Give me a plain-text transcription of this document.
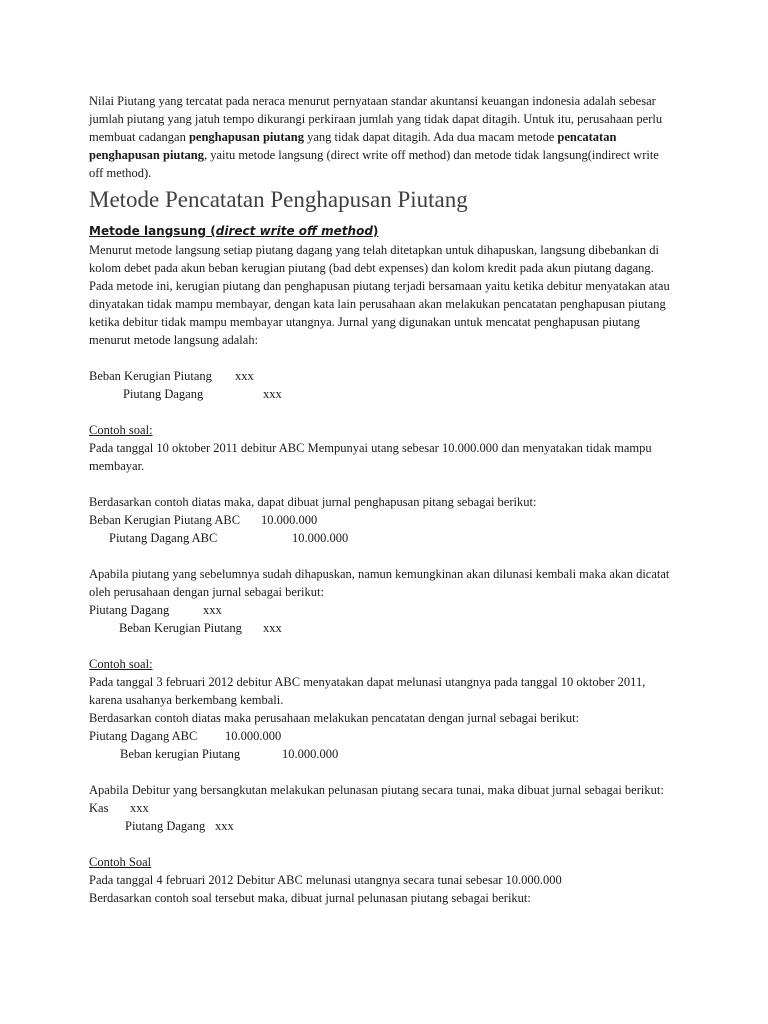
Nilai Piutang yang tercatat pada neraca menurut pernyataan standar akuntansi keuangan indonesia adalah sebesar

jumlah piutang yang jatuh tempo dikurangi perkiraan jumlah yang tidak dapat ditagih. Untuk itu, perusahaan perlu

membuat cadangan penghapusan piutang yang tidak dapat ditagih. Ada dua macam metode pencatatan

penghapusan piutang, yaitu metode langsung (direct write off method) dan metode tidak langsung(indirect write

off method).

Metode Pencatatan Penghapusan Piutang
Metode langsung (direct write off method)

Menurut metode langsung setiap piutang dagang yang telah ditetapkan untuk dihapuskan, langsung dibebankan di

kolom debet pada akun beban kerugian piutang (bad debt expenses) dan kolom kredit pada akun piutang dagang.

Pada metode ini, kerugian piutang dan penghapusan piutang terjadi bersamaan yaitu ketika debitur menyatakan atau

dinyatakan tidak mampu membayar, dengan kata lain perusahaan akan melakukan pencatatan penghapusan piutang

ketika debitur tidak mampu membayar utangnya. Jurnal yang digunakan untuk mencatat penghapusan piutang

menurut metode langsung adalah:

Beban Kerugian Piutang xxx
Piutang Dagang	xxx

Contoh soal:

Pada tanggal 10 oktober 2011 debitur ABC Mempunyai utang sebesar 10.000.000 dan menyatakan tidak mampu

membayar.

Berdasarkan contoh diatas maka, dapat dibuat jurnal penghapusan pitang sebagai berikut:

Beban Kerugian Piutang ABC 10.000.000
Piutang Dagang ABC	10.000.000

Apabila piutang yang sebelumnya sudah dihapuskan, namun kemungkinan akan dilunasi kembali maka akan dicatat

oleh perusahaan dengan jurnal sebagai berikut:

Piutang Dagang	xxx
Beban Kerugian Piutang xxx

Contoh soal:

Pada tanggal 3 februari 2012 debitur ABC menyatakan dapat melunasi utangnya pada tanggal 10 oktober 2011,

karena usahanya berkembang kembali.

Berdasarkan contoh diatas maka perusahaan melakukan pencatatan dengan jurnal sebagai berikut:

Piutang Dagang ABC 10.000.000
Beban kerugian Piutang	10.000.000

Apabila Debitur yang bersangkutan melakukan pelunasan piutang secara tunai, maka dibuat jurnal sebagai berikut:

Kas xxx
Piutang Dagang xxx

Contoh Soal

Pada tanggal 4 februari 2012 Debitur ABC melunasi utangnya secara tunai sebesar 10.000.000

Berdasarkan contoh soal tersebut maka, dibuat jurnal pelunasan piutang sebagai berikut:
